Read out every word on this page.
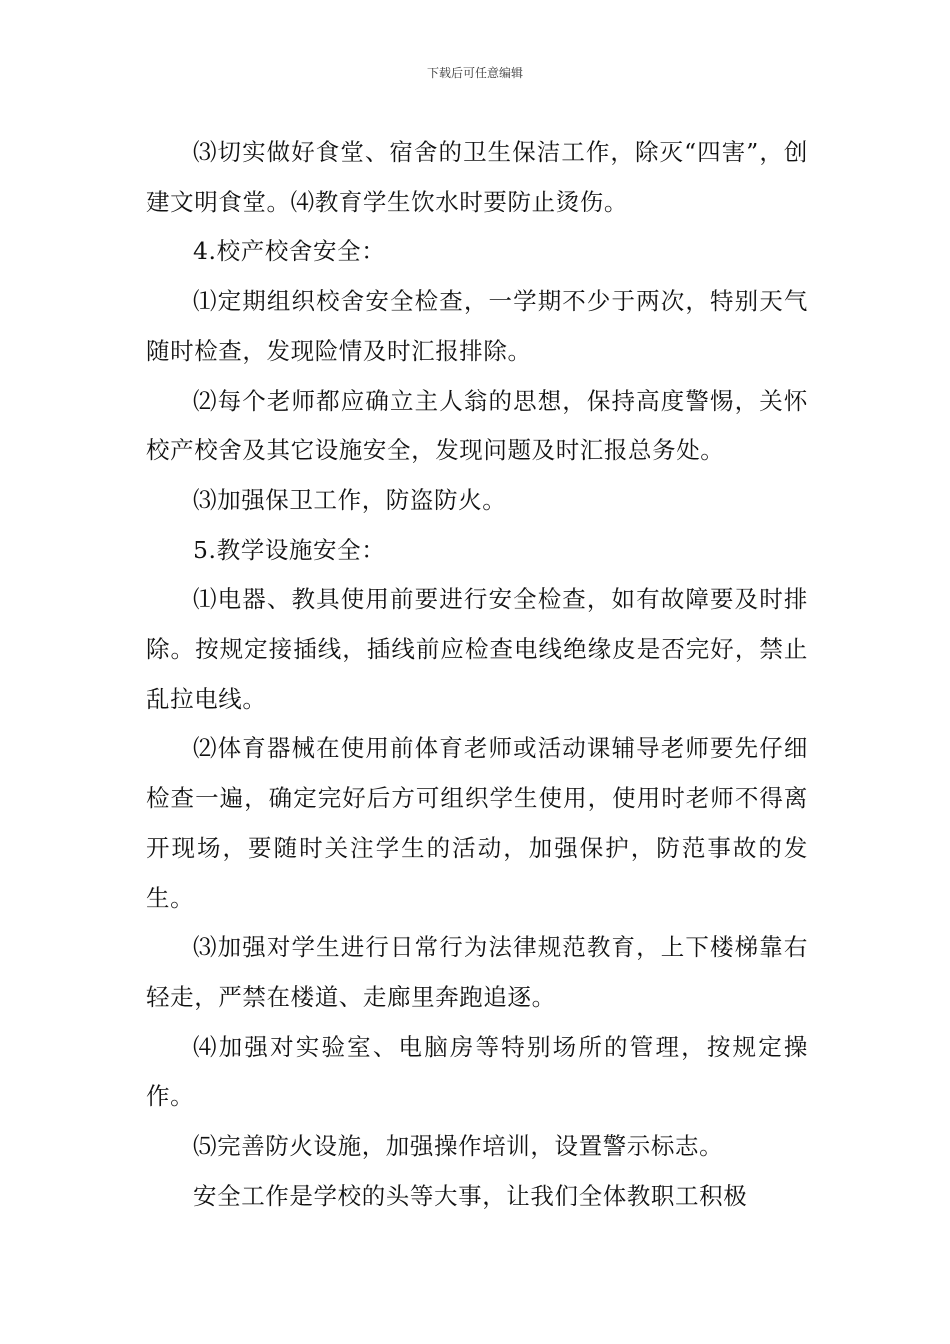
下载后可任意编辑

⑶切实做好食堂、宿舍的卫生保洁工作，除灭“四害”，创建文明食堂。⑷教育学生饮水时要防止烫伤。

4.校产校舍安全：

⑴定期组织校舍安全检查，一学期不少于两次，特别天气随时检查，发现险情及时汇报排除。

⑵每个老师都应确立主人翁的思想，保持高度警惕，关怀校产校舍及其它设施安全，发现问题及时汇报总务处。

⑶加强保卫工作，防盗防火。

5.教学设施安全：

⑴电器、教具使用前要进行安全检查，如有故障要及时排除。按规定接插线，插线前应检查电线绝缘皮是否完好，禁止乱拉电线。

⑵体育器械在使用前体育老师或活动课辅导老师要先仔细检查一遍，确定完好后方可组织学生使用，使用时老师不得离开现场，要随时关注学生的活动，加强保护，防范事故的发生。

⑶加强对学生进行日常行为法律规范教育，上下楼梯靠右轻走，严禁在楼道、走廊里奔跑追逐。

⑷加强对实验室、电脑房等特别场所的管理，按规定操作。

⑸完善防火设施，加强操作培训，设置警示标志。

安全工作是学校的头等大事，让我们全体教职工积极
